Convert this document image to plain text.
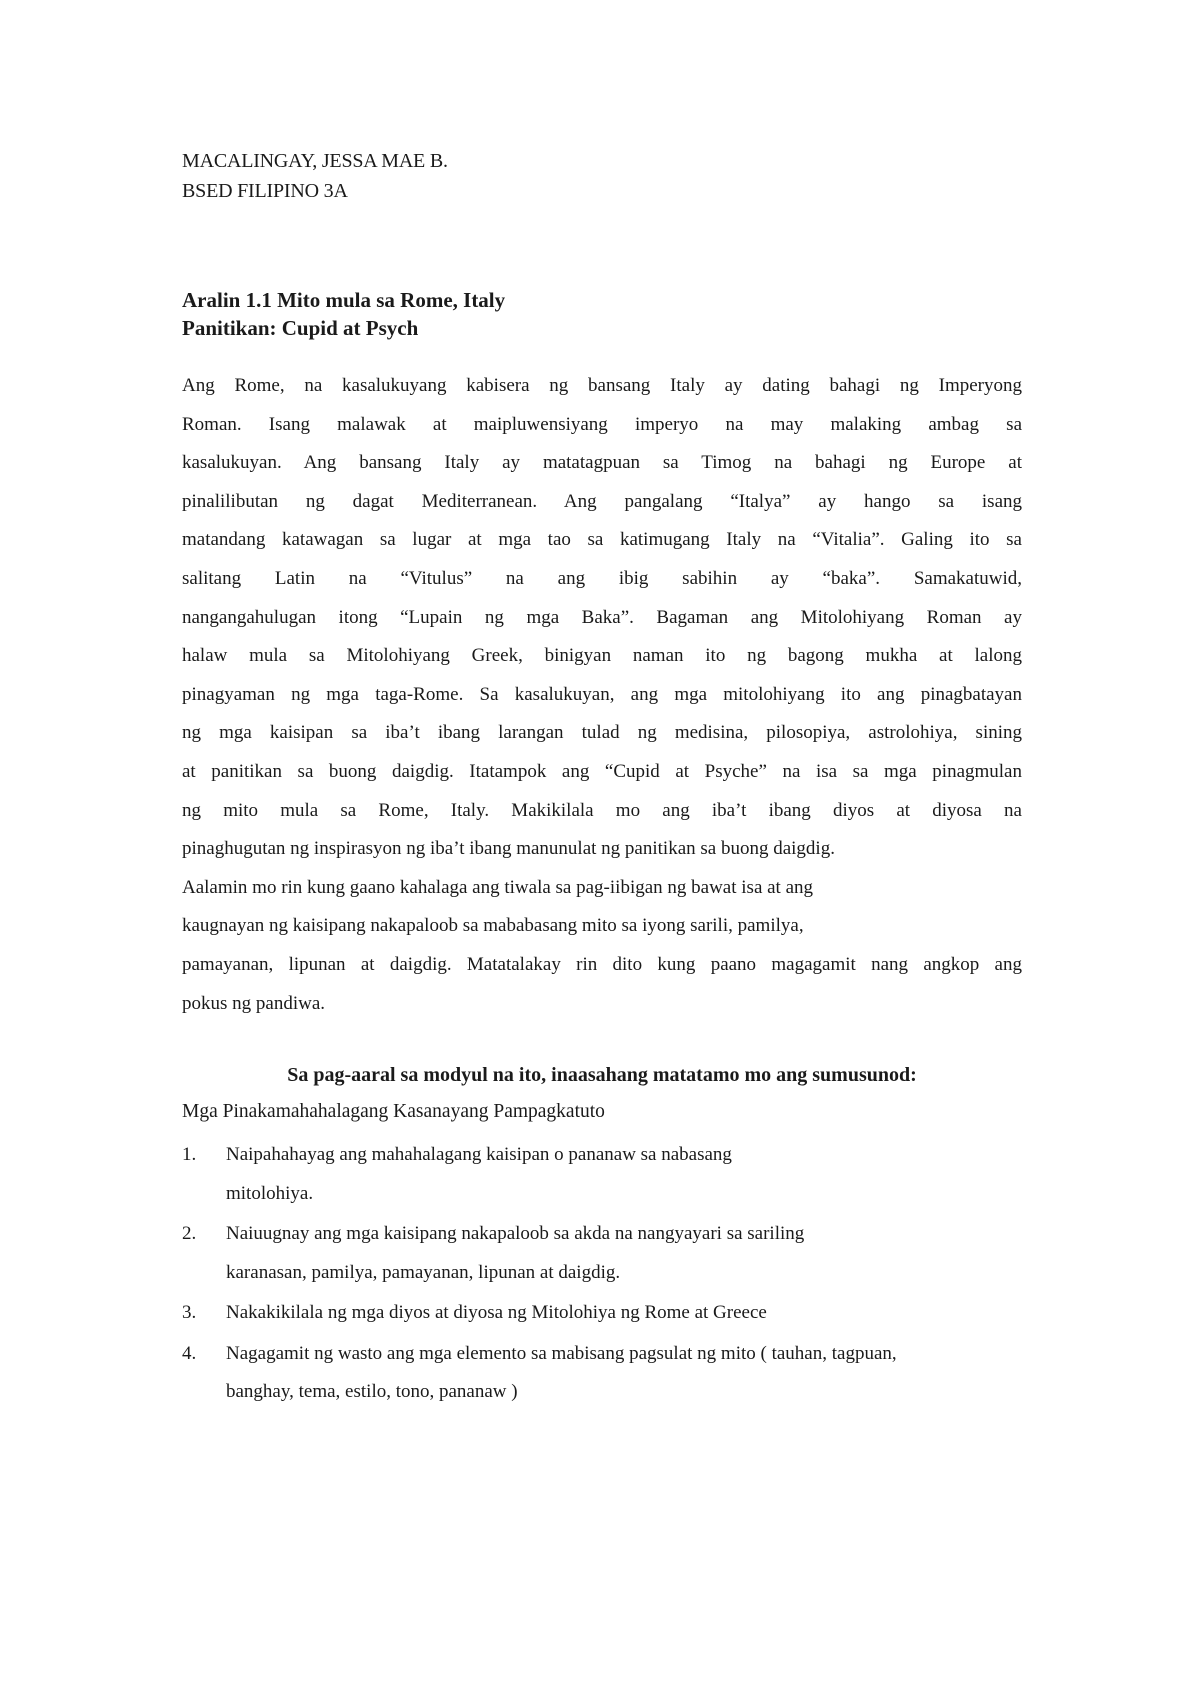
MACALINGAY, JESSA MAE B.
BSED FILIPINO 3A
Aralin 1.1 Mito mula sa Rome, Italy
Panitikan: Cupid at Psych
Ang Rome, na kasalukuyang kabisera ng bansang Italy ay dating bahagi ng Imperyong
Roman. Isang malawak at maipluwensiyang imperyo na may malaking ambag sa
kasalukuyan. Ang bansang Italy ay matatagpuan sa Timog na bahagi ng Europe at
pinalilibutan ng dagat Mediterranean. Ang pangalang “Italya” ay hango sa isang
matandang katawagan sa lugar at mga tao sa katimugang Italy na “Vitalia”. Galing ito sa
salitang Latin na “Vitulus” na ang ibig sabihin ay “baka”. Samakatuwid,
nangangahulugan itong “Lupain ng mga Baka”. Bagaman ang Mitolohiyang Roman ay
halaw mula sa Mitolohiyang Greek, binigyan naman ito ng bagong mukha at lalong
pinagyaman ng mga taga-Rome. Sa kasalukuyan, ang mga mitolohiyang ito ang pinagbatayan
ng mga kaisipan sa iba’t ibang larangan tulad ng medisina, pilosopiya, astrolohiya, sining
at panitikan sa buong daigdig. Itatampok ang “Cupid at Psyche” na isa sa mga pinagmulan
ng mito mula sa Rome, Italy. Makikilala mo ang iba’t ibang diyos at diyosa na
pinaghugutan ng inspirasyon ng iba’t ibang manunulat ng panitikan sa buong daigdig.
Aalamin mo rin kung gaano kahalaga ang tiwala sa pag-iibigan ng bawat isa at ang
kaugnayan ng kaisipang nakapaloob sa mababasang mito sa iyong sarili, pamilya,
pamayanan, lipunan at daigdig. Matatalakay rin dito kung paano magagamit nang angkop ang
pokus ng pandiwa.
Sa pag-aaral sa modyul na ito, inaasahang matatamo mo ang sumusunod:
Mga Pinakamahahalagang Kasanayang Pampagkatuto
1. Naipahahayag ang mahahalagang kaisipan o pananaw sa nabasang
mitolohiya.
2. Naiuugnay ang mga kaisipang nakapaloob sa akda na nangyayari sa sariling
karanasan, pamilya, pamayanan, lipunan at daigdig.
3. Nakakikilala ng mga diyos at diyosa ng Mitolohiya ng Rome at Greece
4. Nagagamit ng wasto ang mga elemento sa mabisang pagsulat ng mito ( tauhan, tagpuan,
banghay, tema, estilo, tono, pananaw )
